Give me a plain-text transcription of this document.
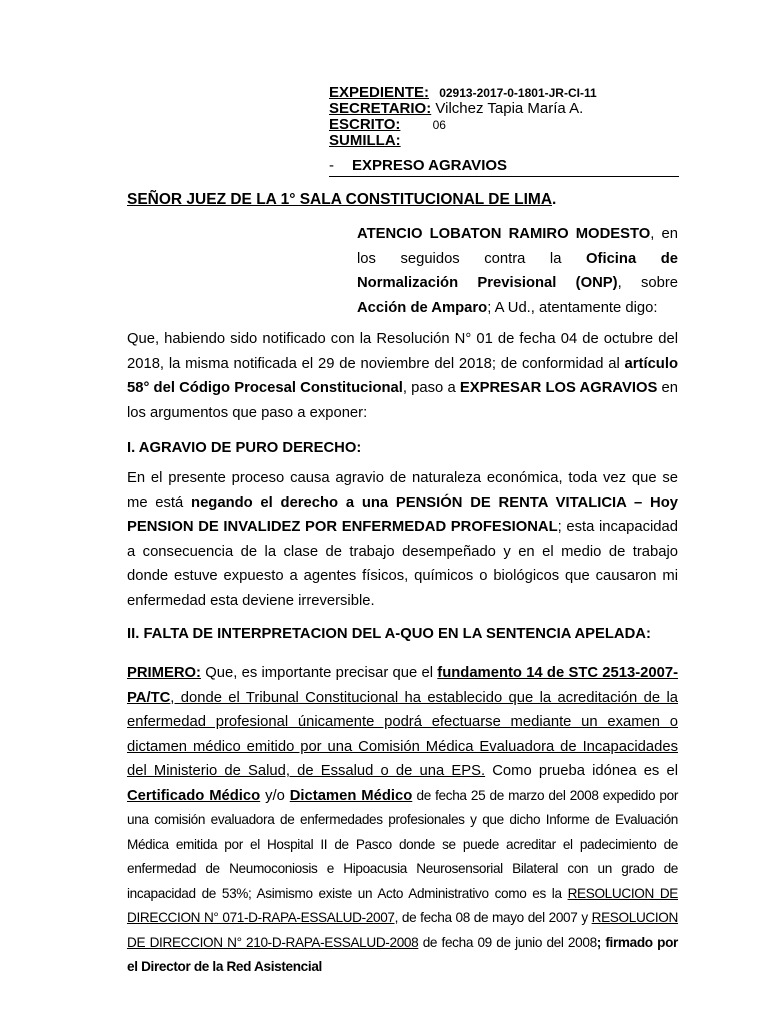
EXPEDIENTE: 02913-2017-0-1801-JR-CI-11
SECRETARIO: Vilchez Tapia María A.
ESCRITO:	06
SUMILLA:
- EXPRESO AGRAVIOS
SEÑOR JUEZ DE LA 1° SALA CONSTITUCIONAL DE LIMA.
ATENCIO LOBATON RAMIRO MODESTO, en los seguidos contra la Oficina de Normalización Previsional (ONP), sobre Acción de Amparo; A Ud., atentamente digo:
Que, habiendo sido notificado con la Resolución N° 01 de fecha 04 de octubre del 2018, la misma notificada el 29 de noviembre del 2018; de conformidad al artículo 58° del Código Procesal Constitucional, paso a EXPRESAR LOS AGRAVIOS en los argumentos que paso a exponer:
I. AGRAVIO DE PURO DERECHO:
En el presente proceso causa agravio de naturaleza económica, toda vez que se me está negando el derecho a una PENSIÓN DE RENTA VITALICIA – Hoy PENSION DE INVALIDEZ POR ENFERMEDAD PROFESIONAL; esta incapacidad a consecuencia de la clase de trabajo desempeñado y en el medio de trabajo donde estuve expuesto a agentes físicos, químicos o biológicos que causaron mi enfermedad esta deviene irreversible.
II. FALTA DE INTERPRETACION DEL A-QUO EN LA SENTENCIA APELADA:
PRIMERO: Que, es importante precisar que el fundamento 14 de STC 2513-2007-PA/TC, donde el Tribunal Constitucional ha establecido que la acreditación de la enfermedad profesional únicamente podrá efectuarse mediante un examen o dictamen médico emitido por una Comisión Médica Evaluadora de Incapacidades del Ministerio de Salud, de Essalud o de una EPS. Como prueba idónea es el Certificado Médico y/o Dictamen Médico de fecha 25 de marzo del 2008 expedido por una comisión evaluadora de enfermedades profesionales y que dicho Informe de Evaluación Médica emitida por el Hospital II de Pasco donde se puede acreditar el padecimiento de enfermedad de Neumoconiosis e Hipoacusia Neurosensorial Bilateral con un grado de incapacidad de 53%; Asimismo existe un Acto Administrativo como es la RESOLUCION DE DIRECCION N° 071-D-RAPA-ESSALUD-2007, de fecha 08 de mayo del 2007 y RESOLUCION DE DIRECCION N° 210-D-RAPA-ESSALUD-2008 de fecha 09 de junio del 2008; firmado por el Director de la Red Asistencial
